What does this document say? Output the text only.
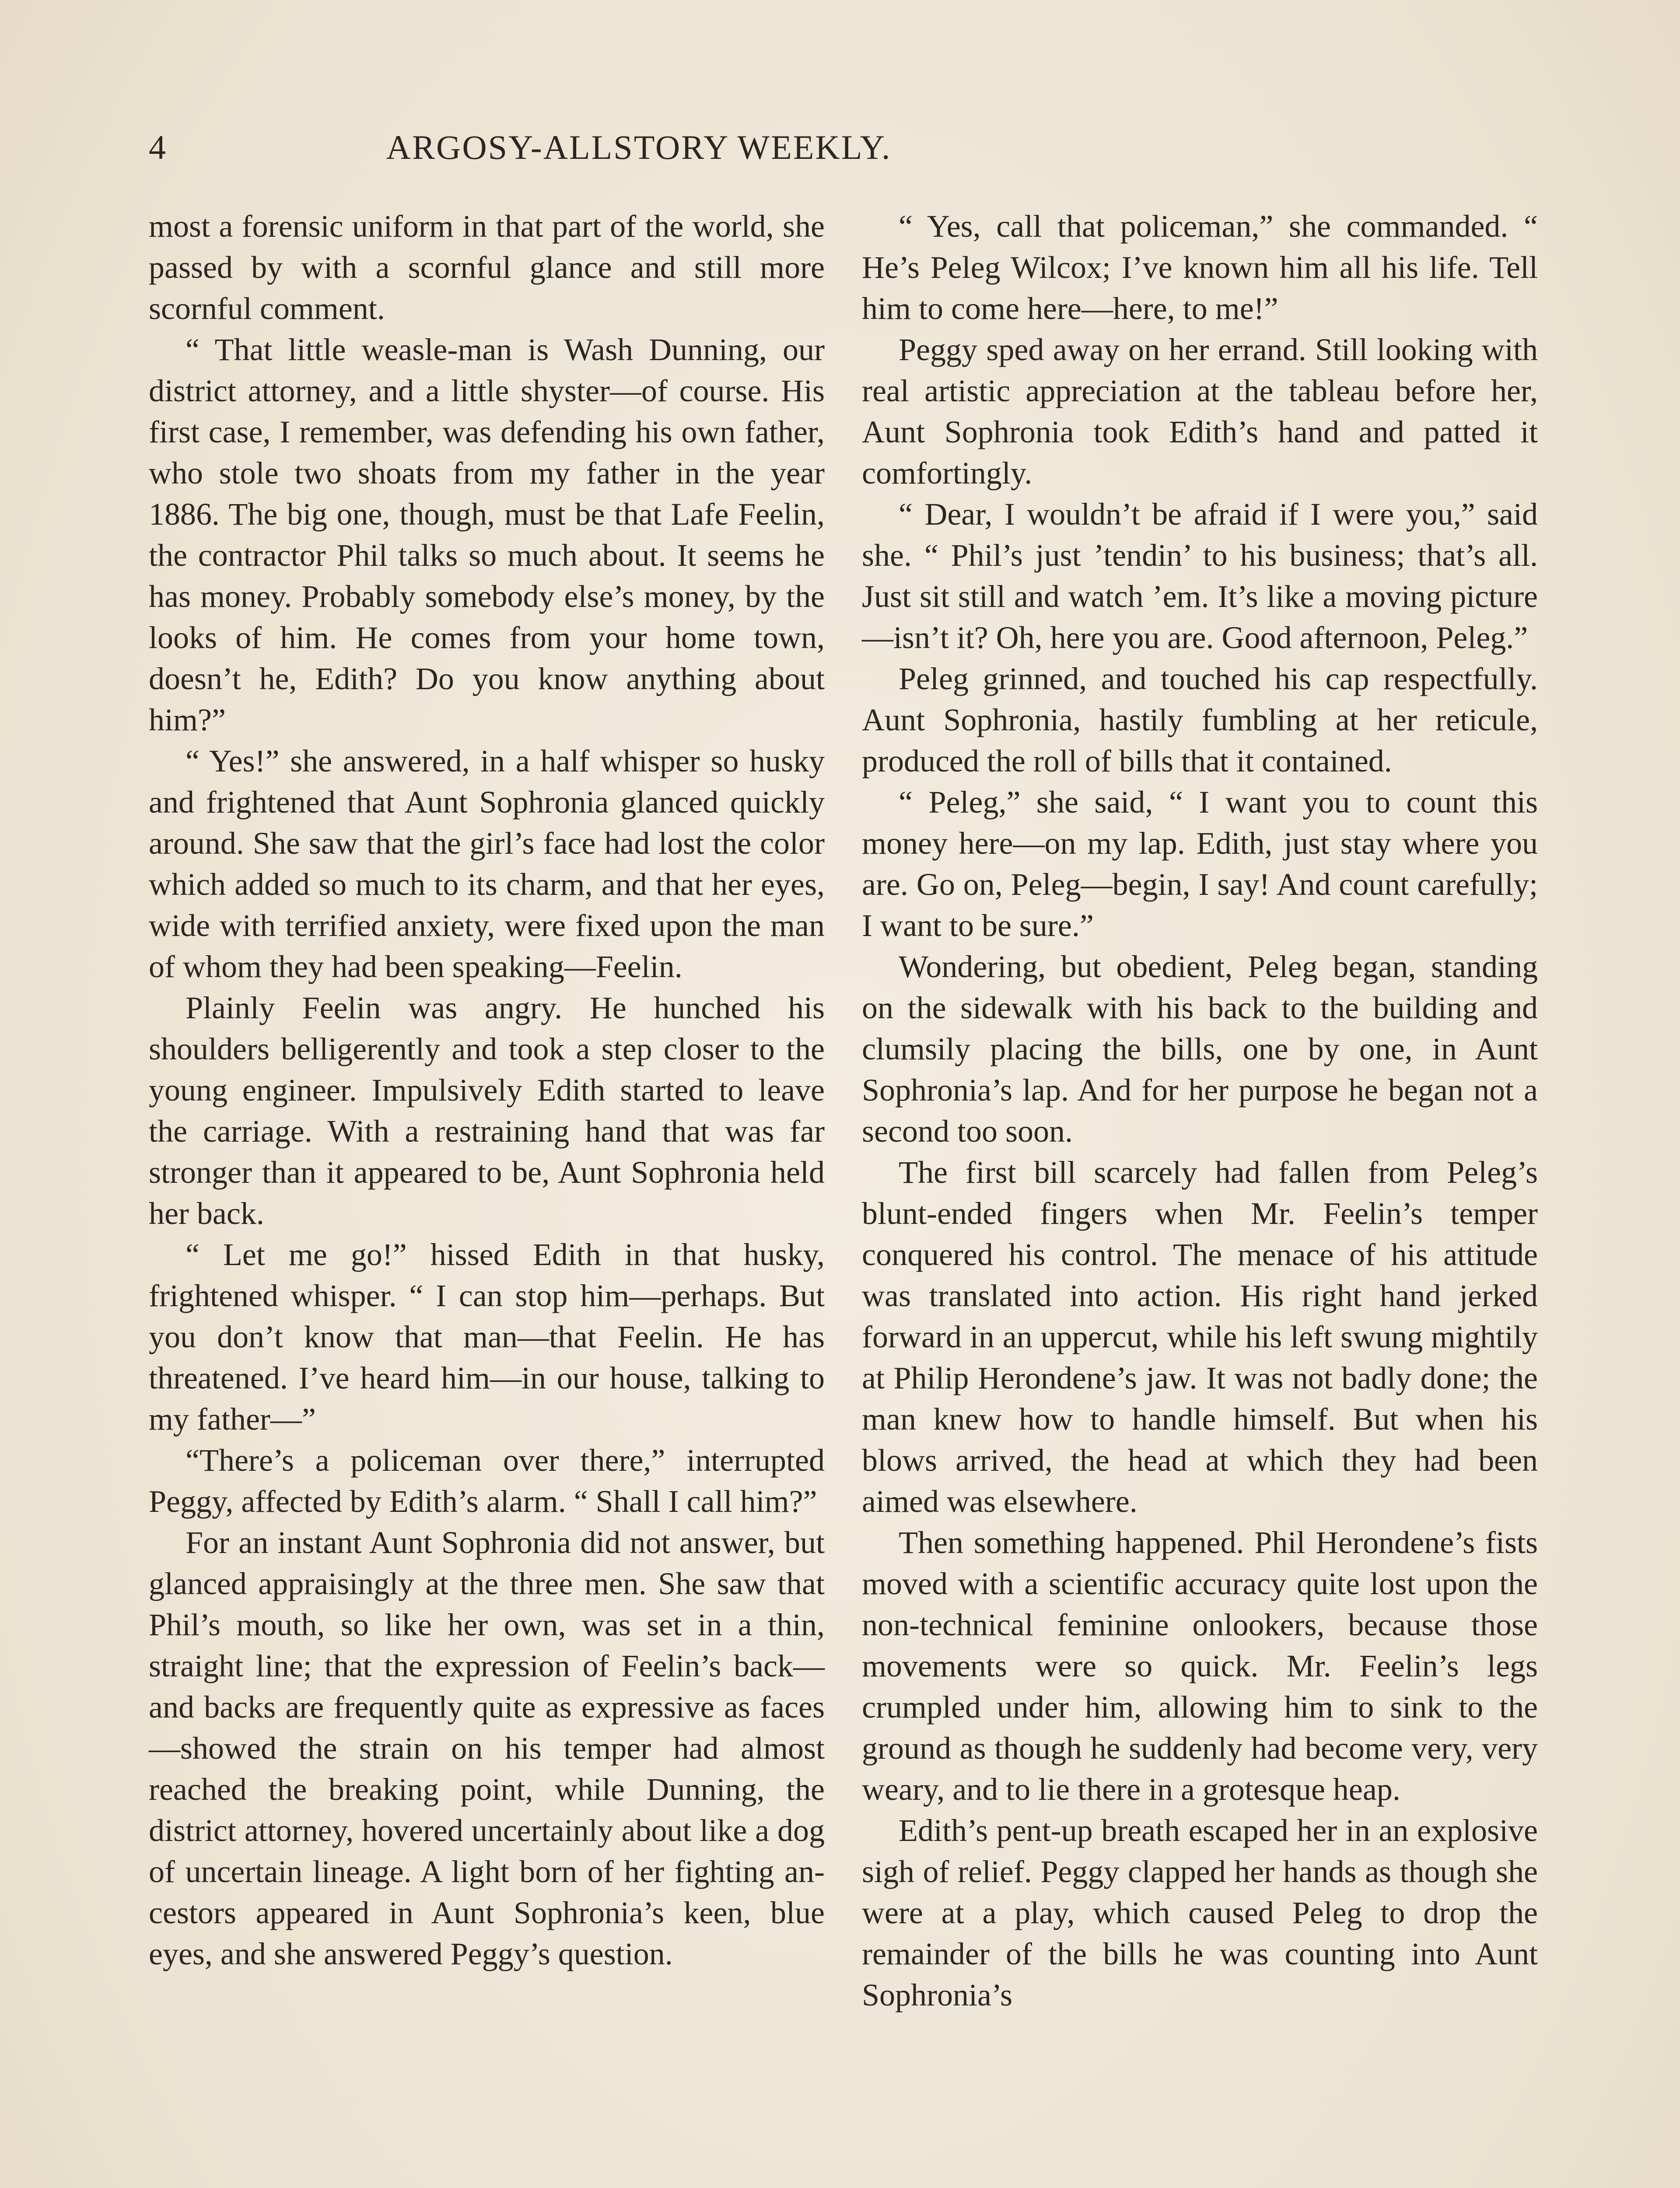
4	ARGOSY-ALLSTORY WEEKLY.

most a forensic uniform in that part of the world, she passed by with a scornful glance and still more scornful comment.

“ That little weasle-man is Wash Dunning, our district attorney, and a little shyster—of course. His first case, I remember, was defending his own father, who stole two shoats from my father in the year 1886. The big one, though, must be that Lafe Feelin, the contractor Phil talks so much about. It seems he has money. Probably somebody else’s money, by the looks of him. He comes from your home town, doesn’t he, Edith? Do you know anything about him?”

“ Yes!” she answered, in a half whisper so husky and frightened that Aunt Sophronia glanced quickly around. She saw that the girl’s face had lost the color which added so much to its charm, and that her eyes, wide with terrified anxiety, were fixed upon the man of whom they had been speaking—Feelin.

Plainly Feelin was angry. He hunched his shoulders belligerently and took a step closer to the young engineer. Impulsively Edith started to leave the carriage. With a restraining hand that was far stronger than it appeared to be, Aunt Sophronia held her back.

“ Let me go!” hissed Edith in that husky, frightened whisper. “ I can stop him—perhaps. But you don’t know that man—that Feelin. He has threatened. I’ve heard him—in our house, talking to my father—”

“There’s a policeman over there,” interrupted Peggy, affected by Edith’s alarm. “ Shall I call him?”

For an instant Aunt Sophronia did not answer, but glanced appraisingly at the three men. She saw that Phil’s mouth, so like her own, was set in a thin, straight line; that the expression of Feelin’s back—and backs are frequently quite as expressive as faces—showed the strain on his temper had almost reached the breaking point, while Dunning, the district attorney, hovered uncertainly about like a dog of uncertain lineage. A light born of her fighting ancestors appeared in Aunt Sophronia’s keen, blue eyes, and she answered Peggy’s question.

“ Yes, call that policeman,” she commanded. “ He’s Peleg Wilcox; I’ve known him all his life. Tell him to come here—here, to me!”

Peggy sped away on her errand. Still looking with real artistic appreciation at the tableau before her, Aunt Sophronia took Edith’s hand and patted it comfortingly.

“ Dear, I wouldn’t be afraid if I were you,” said she. “ Phil’s just ’tendin’ to his business; that’s all. Just sit still and watch ’em. It’s like a moving picture—isn’t it? Oh, here you are. Good afternoon, Peleg.”

Peleg grinned, and touched his cap respectfully. Aunt Sophronia, hastily fumbling at her reticule, produced the roll of bills that it contained.

“ Peleg,” she said, “ I want you to count this money here—on my lap. Edith, just stay where you are. Go on, Peleg—begin, I say! And count carefully; I want to be sure.”

Wondering, but obedient, Peleg began, standing on the sidewalk with his back to the building and clumsily placing the bills, one by one, in Aunt Sophronia’s lap. And for her purpose he began not a second too soon.

The first bill scarcely had fallen from Peleg’s blunt-ended fingers when Mr. Feelin’s temper conquered his control. The menace of his attitude was translated into action. His right hand jerked forward in an uppercut, while his left swung mightily at Philip Herondene’s jaw. It was not badly done; the man knew how to handle himself. But when his blows arrived, the head at which they had been aimed was elsewhere.

Then something happened. Phil Herondene’s fists moved with a scientific accuracy quite lost upon the non-technical feminine onlookers, because those movements were so quick. Mr. Feelin’s legs crumpled under him, allowing him to sink to the ground as though he suddenly had become very, very weary, and to lie there in a grotesque heap.

Edith’s pent-up breath escaped her in an explosive sigh of relief. Peggy clapped her hands as though she were at a play, which caused Peleg to drop the remainder of the bills he was counting into Aunt Sophronia’s
